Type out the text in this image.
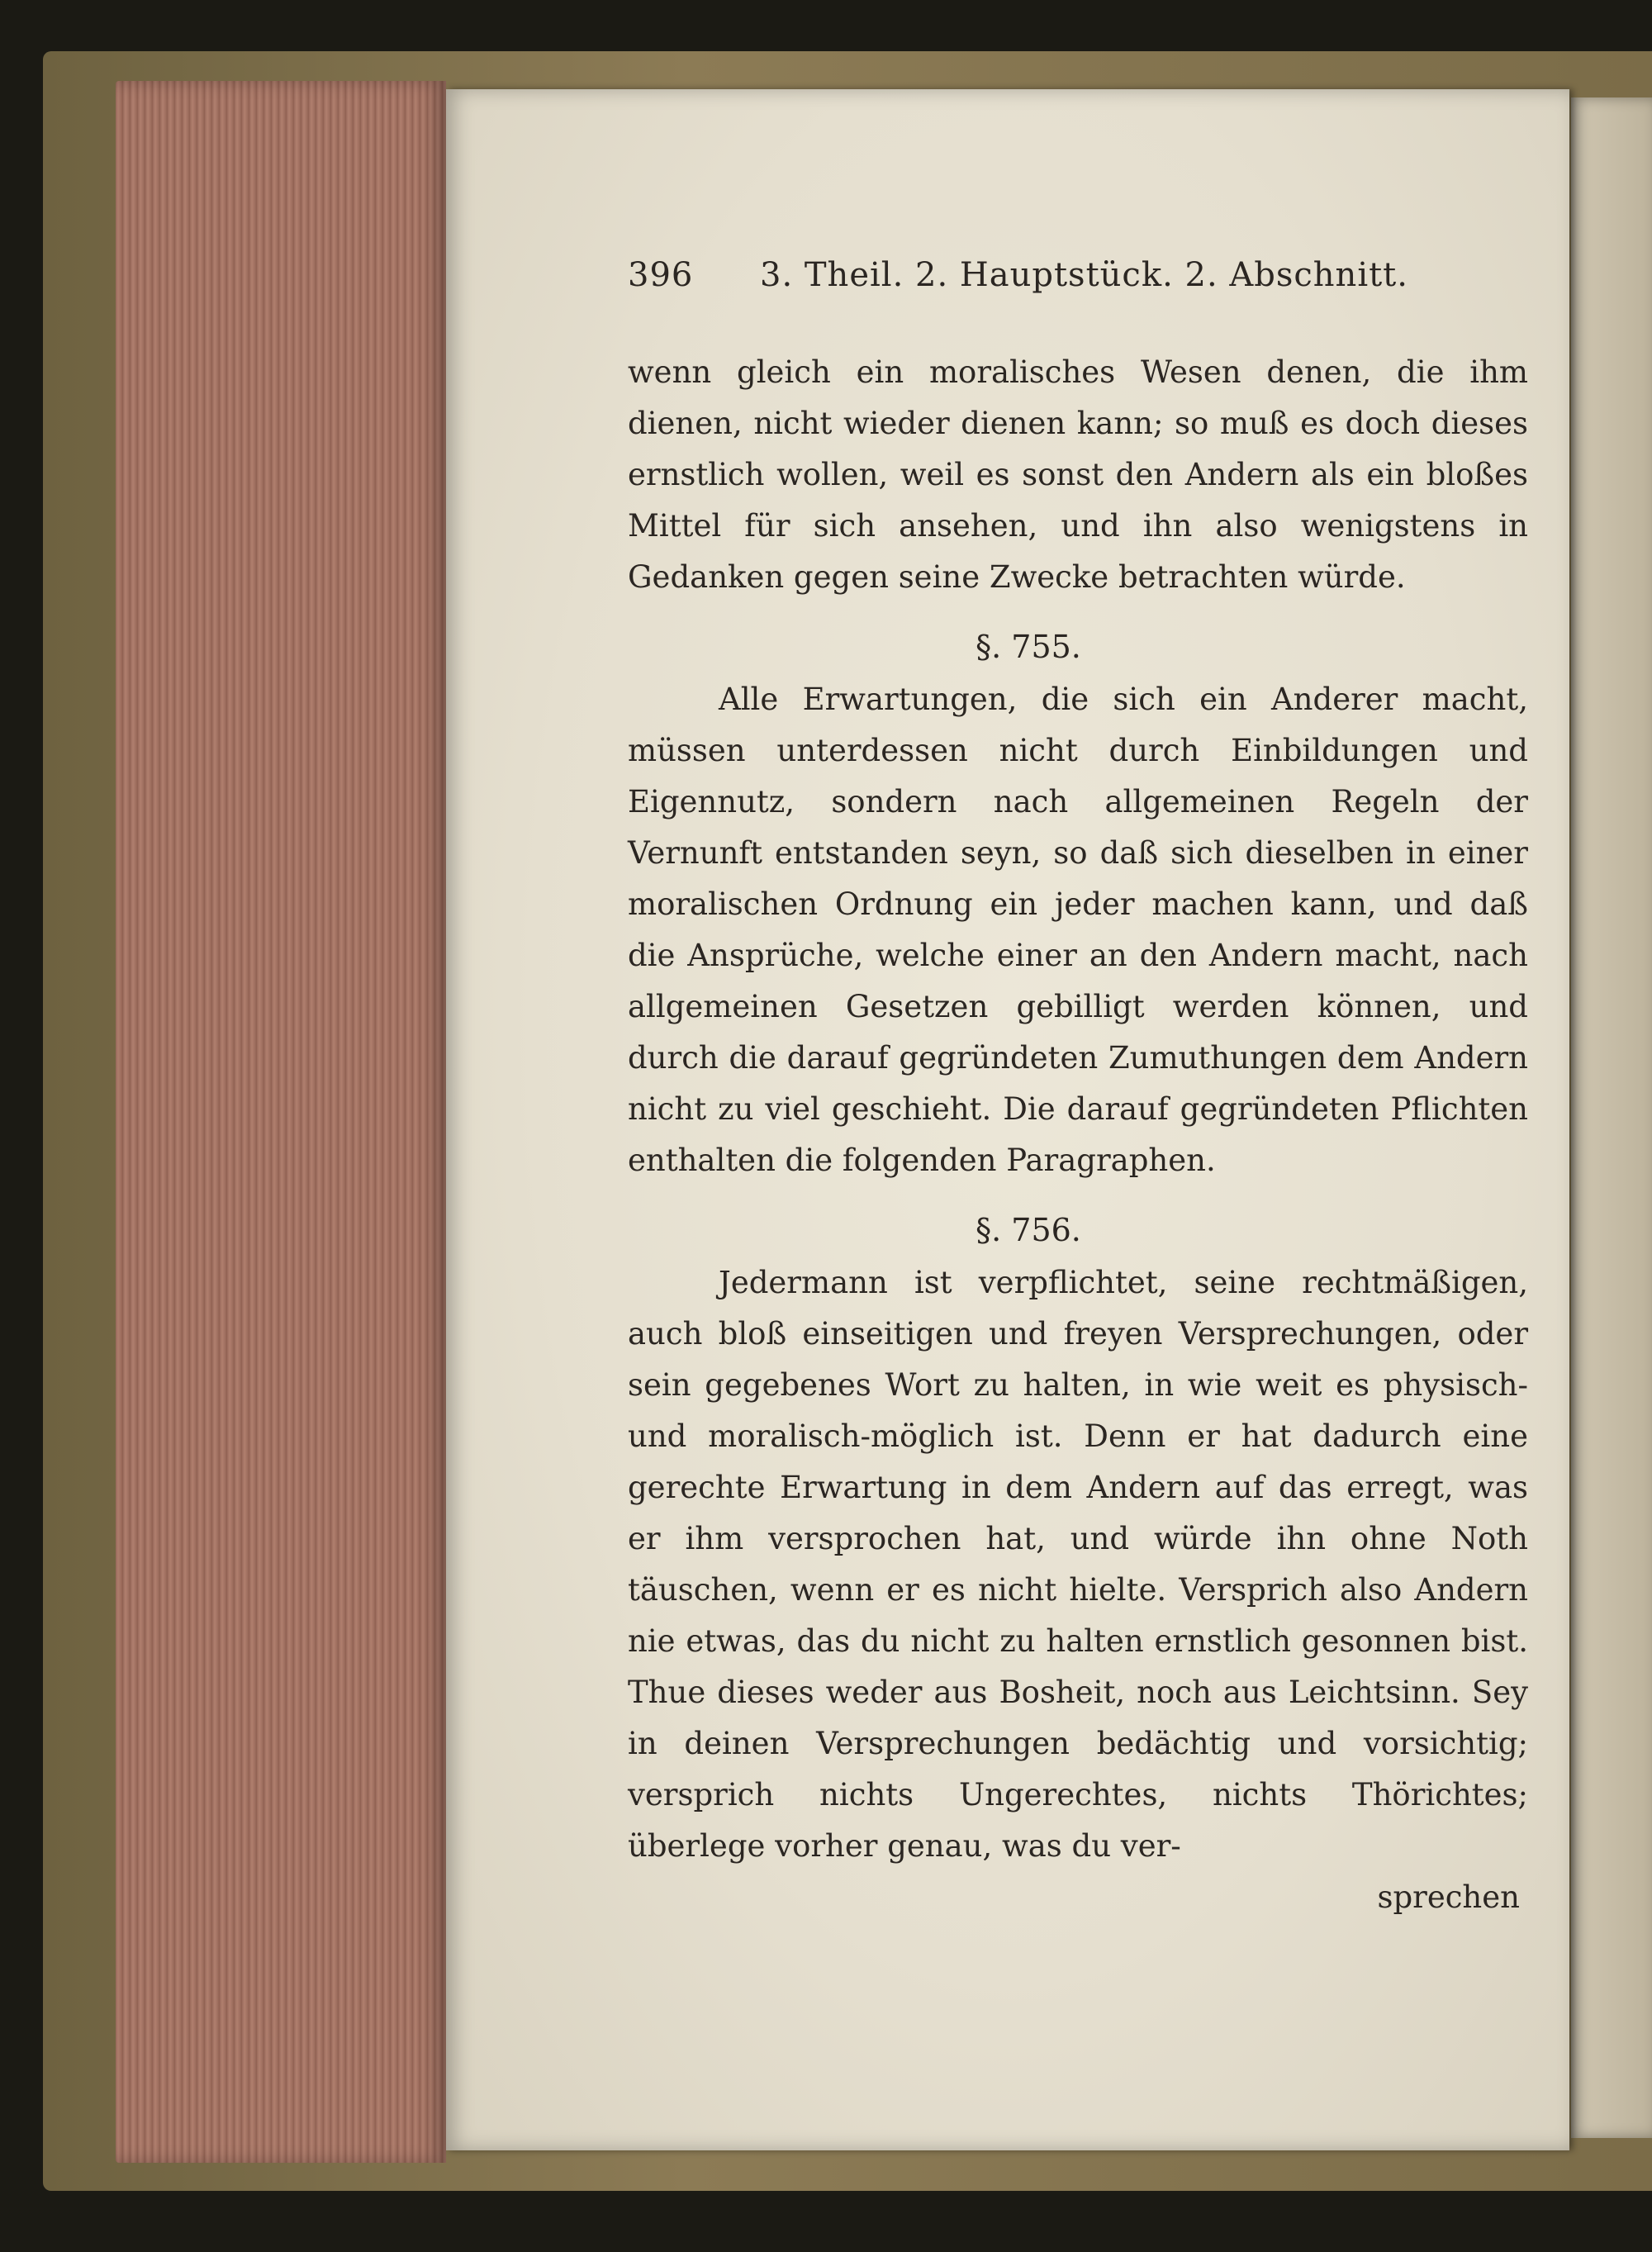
396 3. Theil. 2. Hauptstück. 2. Abschnitt.

wenn gleich ein moralisches Wesen denen, die ihm dienen, nicht wieder dienen kann; so muß es doch dieses ernstlich wollen, weil es sonst den Andern als ein bloßes Mittel für sich ansehen, und ihn also wenigstens in Gedanken gegen seine Zwecke betrachten würde.

§. 755.

Alle Erwartungen, die sich ein Anderer macht, müssen unterdessen nicht durch Einbildungen und Eigennutz, sondern nach allgemeinen Regeln der Vernunft entstanden seyn, so daß sich dieselben in einer moralischen Ordnung ein jeder machen kann, und daß die Ansprüche, welche einer an den Andern macht, nach allgemeinen Gesetzen gebilligt werden können, und durch die darauf gegründeten Zumuthungen dem Andern nicht zu viel geschieht. Die darauf gegründeten Pflichten enthalten die folgenden Paragraphen.

§. 756.

Jedermann ist verpflichtet, seine rechtmäßigen, auch bloß einseitigen und freyen Versprechungen, oder sein gegebenes Wort zu halten, in wie weit es physisch- und moralisch-möglich ist. Denn er hat dadurch eine gerechte Erwartung in dem Andern auf das erregt, was er ihm versprochen hat, und würde ihn ohne Noth täuschen, wenn er es nicht hielte. Versprich also Andern nie etwas, das du nicht zu halten ernstlich gesonnen bist. Thue dieses weder aus Bosheit, noch aus Leichtsinn. Sey in deinen Versprechungen bedächtig und vorsichtig; versprich nichts Ungerechtes, nichts Thörichtes; überlege vorher genau, was du ver-

sprechen
